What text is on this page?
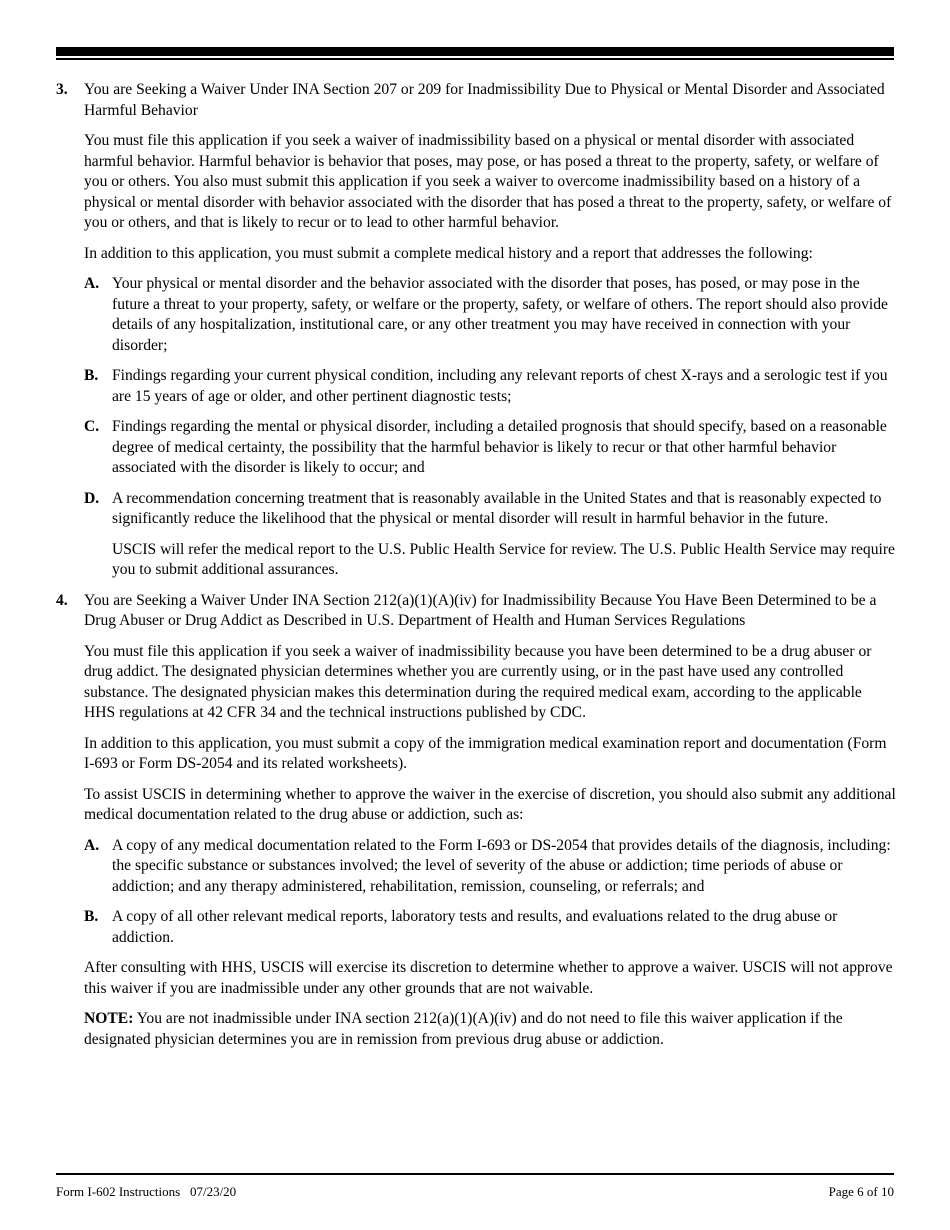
3. You are Seeking a Waiver Under INA Section 207 or 209 for Inadmissibility Due to Physical or Mental Disorder and Associated Harmful Behavior

You must file this application if you seek a waiver of inadmissibility based on a physical or mental disorder with associated harmful behavior. Harmful behavior is behavior that poses, may pose, or has posed a threat to the property, safety, or welfare of you or others. You also must submit this application if you seek a waiver to overcome inadmissibility based on a history of a physical or mental disorder with behavior associated with the disorder that has posed a threat to the property, safety, or welfare of you or others, and that is likely to recur or to lead to other harmful behavior.

In addition to this application, you must submit a complete medical history and a report that addresses the following:

A. Your physical or mental disorder and the behavior associated with the disorder that poses, has posed, or may pose in the future a threat to your property, safety, or welfare or the property, safety, or welfare of others. The report should also provide details of any hospitalization, institutional care, or any other treatment you may have received in connection with your disorder;
B. Findings regarding your current physical condition, including any relevant reports of chest X-rays and a serologic test if you are 15 years of age or older, and other pertinent diagnostic tests;
C. Findings regarding the mental or physical disorder, including a detailed prognosis that should specify, based on a reasonable degree of medical certainty, the possibility that the harmful behavior is likely to recur or that other harmful behavior associated with the disorder is likely to occur; and
D. A recommendation concerning treatment that is reasonably available in the United States and that is reasonably expected to significantly reduce the likelihood that the physical or mental disorder will result in harmful behavior in the future.

USCIS will refer the medical report to the U.S. Public Health Service for review. The U.S. Public Health Service may require you to submit additional assurances.

4. You are Seeking a Waiver Under INA Section 212(a)(1)(A)(iv) for Inadmissibility Because You Have Been Determined to be a Drug Abuser or Drug Addict as Described in U.S. Department of Health and Human Services Regulations

You must file this application if you seek a waiver of inadmissibility because you have been determined to be a drug abuser or drug addict. The designated physician determines whether you are currently using, or in the past have used any controlled substance. The designated physician makes this determination during the required medical exam, according to the applicable HHS regulations at 42 CFR 34 and the technical instructions published by CDC.

In addition to this application, you must submit a copy of the immigration medical examination report and documentation (Form I-693 or Form DS-2054 and its related worksheets).

To assist USCIS in determining whether to approve the waiver in the exercise of discretion, you should also submit any additional medical documentation related to the drug abuse or addiction, such as:

A. A copy of any medical documentation related to the Form I-693 or DS-2054 that provides details of the diagnosis, including: the specific substance or substances involved; the level of severity of the abuse or addiction; time periods of abuse or addiction; and any therapy administered, rehabilitation, remission, counseling, or referrals; and
B. A copy of all other relevant medical reports, laboratory tests and results, and evaluations related to the drug abuse or addiction.

After consulting with HHS, USCIS will exercise its discretion to determine whether to approve a waiver. USCIS will not approve this waiver if you are inadmissible under any other grounds that are not waivable.

NOTE: You are not inadmissible under INA section 212(a)(1)(A)(iv) and do not need to file this waiver application if the designated physician determines you are in remission from previous drug abuse or addiction.

Form I-602 Instructions   07/23/20	Page 6 of 10
